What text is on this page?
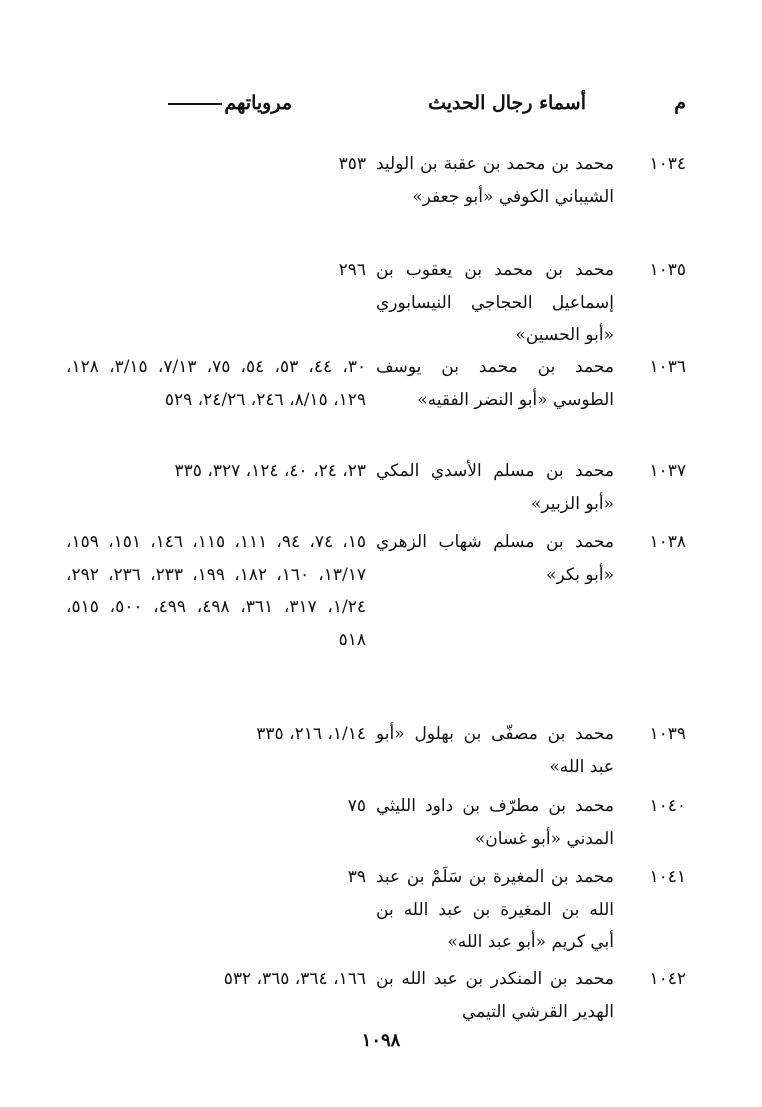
م
أسماء رجال الحديث
مروياتهم
١٠٣٤
محمد بن محمد بن عقبة بن الوليد الشيباني الكوفي «أبو جعفر»
٣٥٣
١٠٣٥
محمد بن محمد بن يعقوب بن إسماعيل الحجاجي النيسابوري «أبو الحسين»
٢٩٦
١٠٣٦
محمد بن محمد بن يوسف الطوسي «أبو النضر الفقيه»
٣٠، ٤٤، ٥٣، ٥٤، ٧٥، ٧/١٣، ٣/١٥، ١٢٨، ١٢٩، ٨/١٥، ٢٤٦، ٢٤/٢٦، ٥٢٩
١٠٣٧
محمد بن مسلم الأسدي المكي «أبو الزبير»
٢٣، ٢٤، ٤٠، ١٢٤، ٣٢٧، ٣٣٥
١٠٣٨
محمد بن مسلم شهاب الزهري «أبو بكر»
١٥، ٧٤، ٩٤، ١١١، ١١٥، ١٤٦، ١٥١، ١٥٩، ١٣/١٧، ١٦٠، ١٨٢، ١٩٩، ٢٣٣، ٢٣٦، ٢٩٢، ١/٢٤، ٣١٧، ٣٦١، ٤٩٨، ٤٩٩، ٥٠٠، ٥١٥، ٥١٨
١٠٣٩
محمد بن مصفّى بن بهلول «أبو عبد الله»
١/١٤، ٢١٦، ٣٣٥
١٠٤٠
محمد بن مطرّف بن داود الليثي المدني «أبو غسان»
٧٥
١٠٤١
محمد بن المغيرة بن سَلَمْ بن عبد الله بن المغيرة بن عبد الله بن أبي كريم «أبو عبد الله»
٣٩
١٠٤٢
محمد بن المنكدر بن عبد الله بن الهدير القرشي التيمي
١٦٦، ٣٦٤، ٣٦٥، ٥٣٢
١٠٩٨
